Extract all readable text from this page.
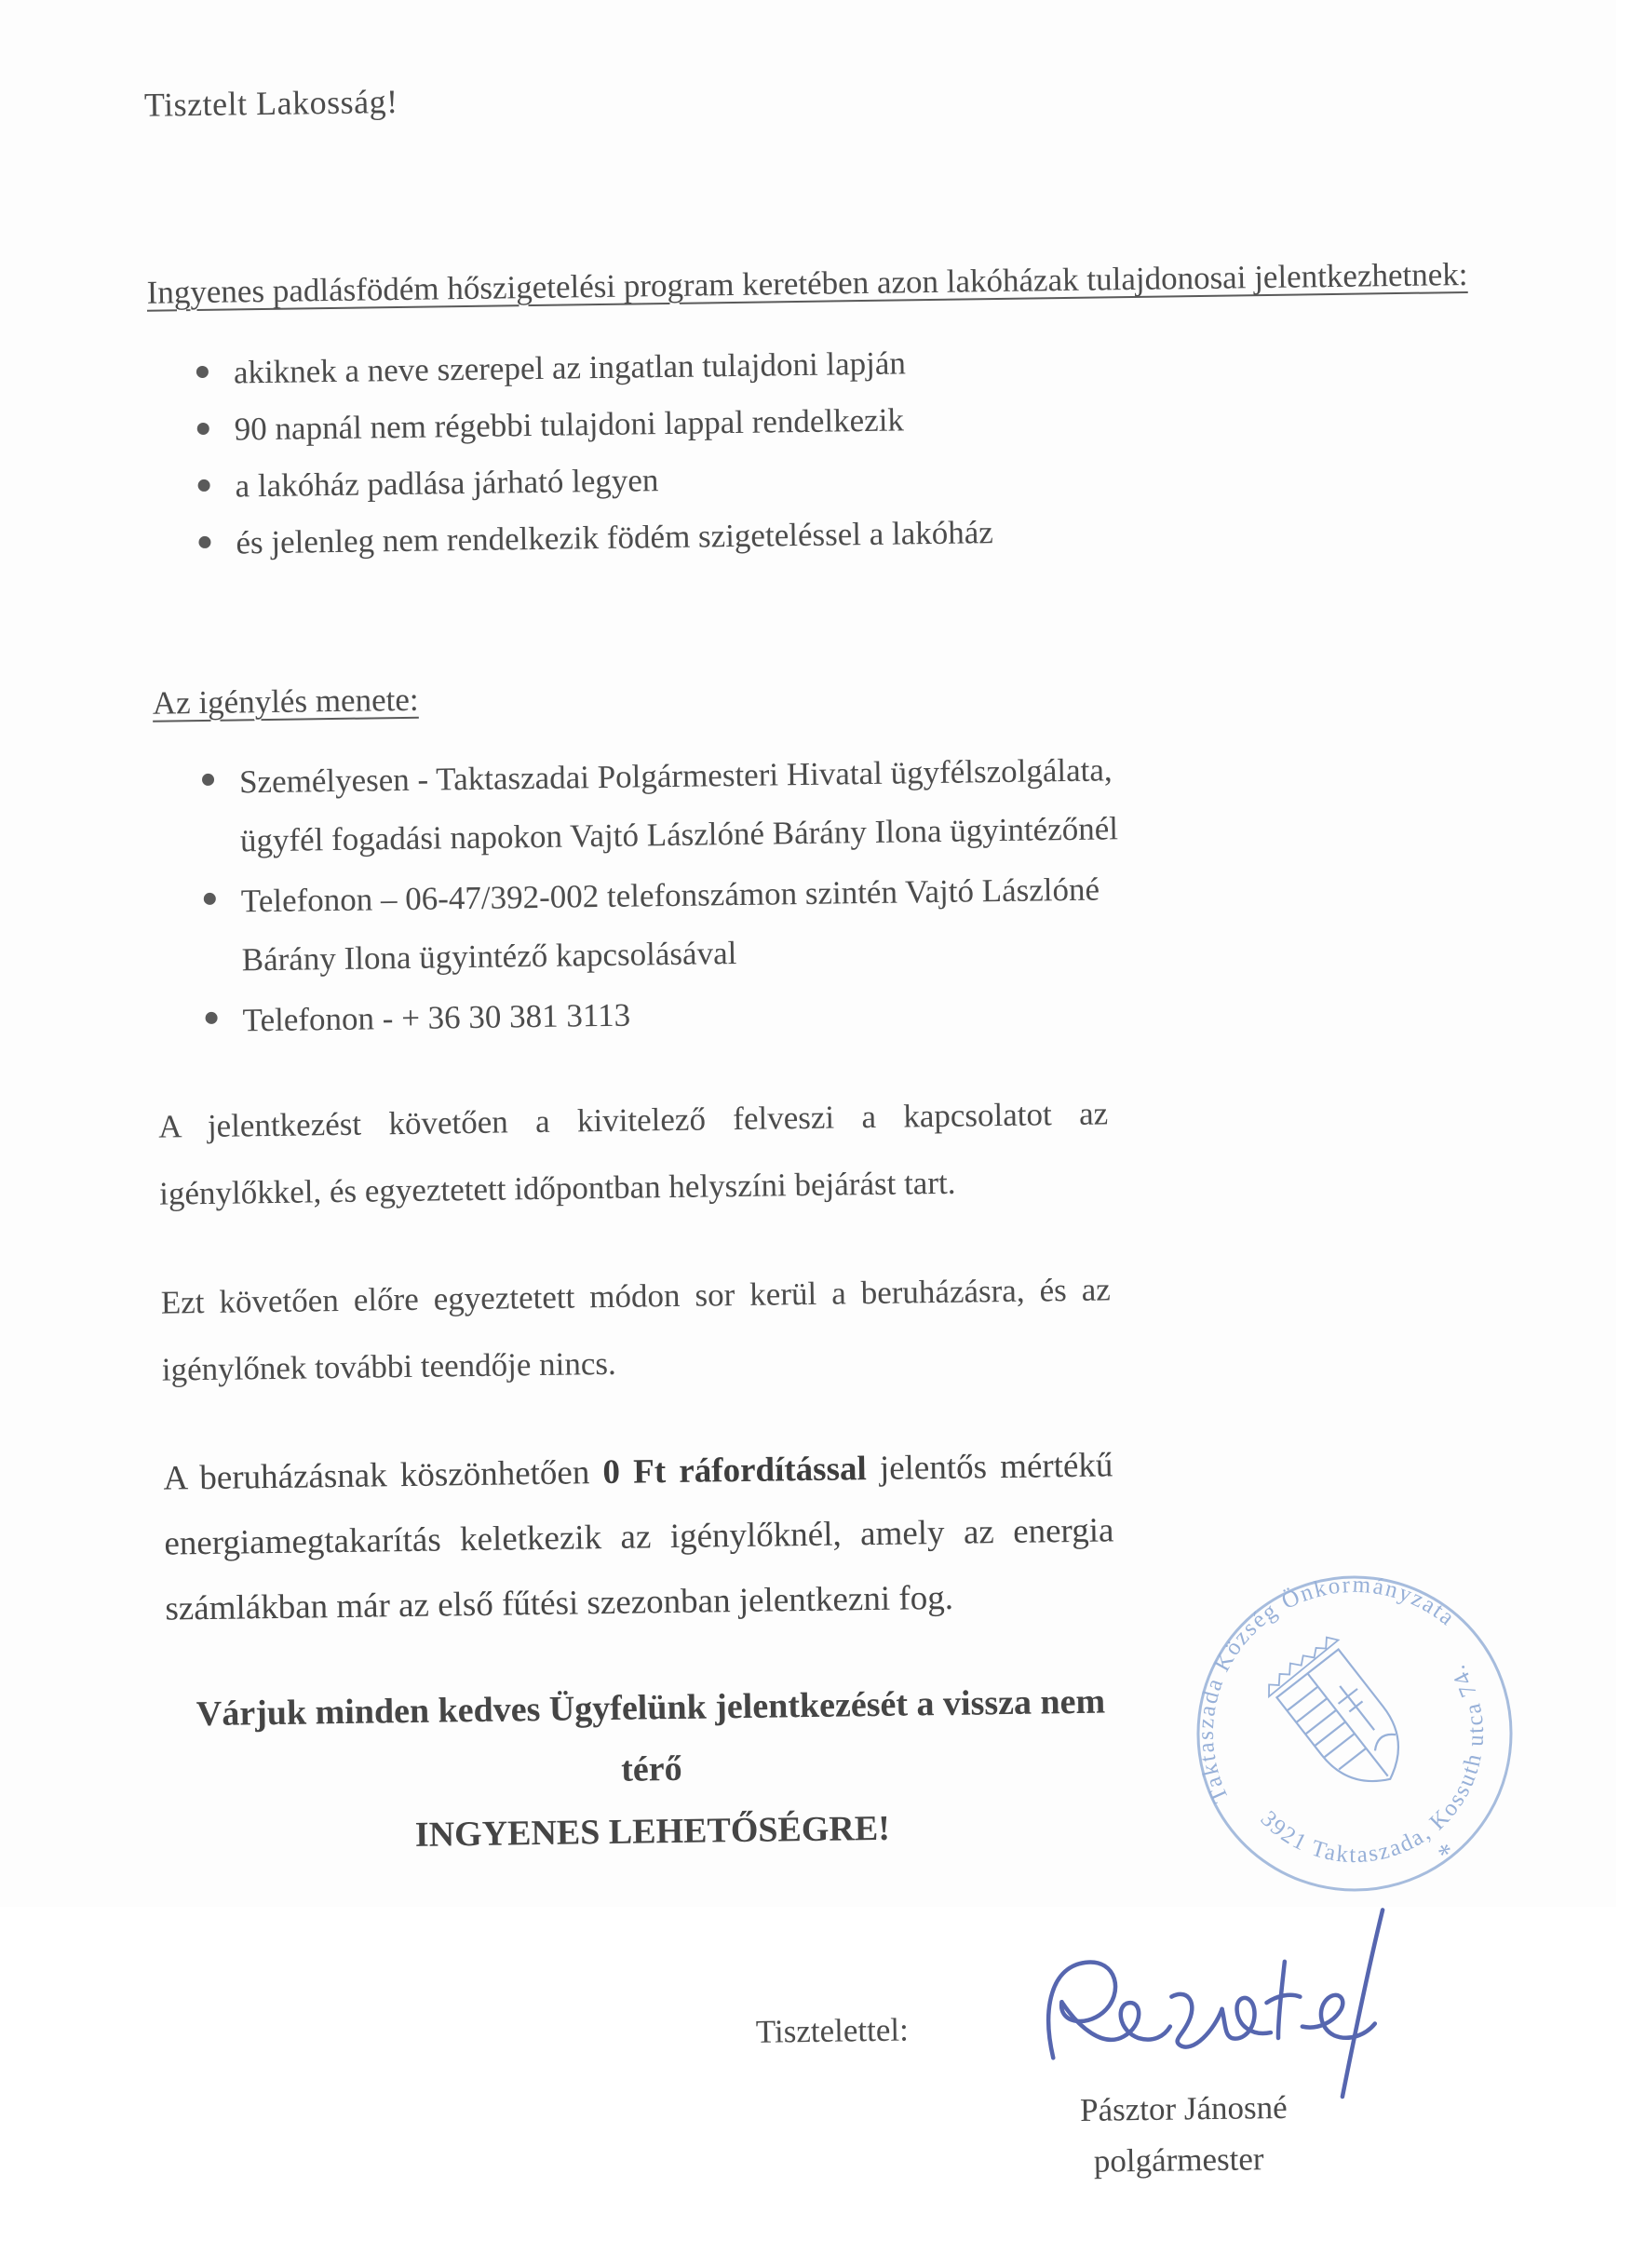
Tisztelt Lakosság!
Ingyenes padlásfödém hőszigetelési program keretében azon lakóházak tulajdonosai jelentkezhetnek:
akiknek a neve szerepel az ingatlan tulajdoni lapján
90 napnál nem régebbi tulajdoni lappal rendelkezik
a lakóház padlása járható legyen
és jelenleg nem rendelkezik födém szigeteléssel a lakóház
Az igénylés menete:
Személyesen - Taktaszadai Polgármesteri Hivatal ügyfélszolgálata, ügyfél fogadási napokon Vajtó Lászlóné Bárány Ilona ügyintézőnél
Telefonon – 06-47/392-002 telefonszámon szintén Vajtó Lászlóné Bárány Ilona ügyintéző kapcsolásával
Telefonon - + 36 30 381 3113
A jelentkezést követően a kivitelező felveszi a kapcsolatot az igénylőkkel, és egyeztetett időpontban helyszíni bejárást tart.
Ezt követően előre egyeztetett módon sor kerül a beruházásra, és az igénylőnek további teendője nincs.
A beruházásnak köszönhetően 0 Ft ráfordítással jelentős mértékű energiamegtakarítás keletkezik az igénylőknél, amely az energia számlákban már az első fűtési szezonban jelentkezni fog.
Várjuk minden kedves Ügyfelünk jelentkezését a vissza nem térő
INGYENES LEHETŐSÉGRE!
Tisztelettel:
Pásztor Jánosné
polgármester
Taktaszada Község Önkormányzata
3921 Taktaszada, Kossuth utca 74.
*
